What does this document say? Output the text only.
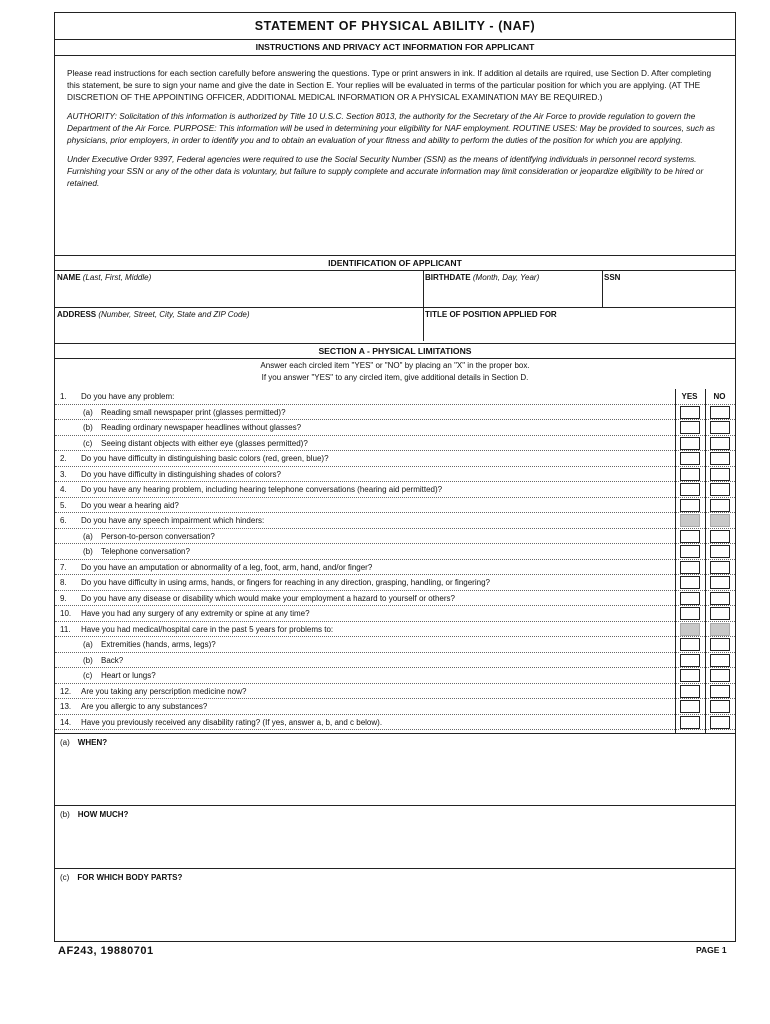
STATEMENT OF PHYSICAL ABILITY - (NAF)
INSTRUCTIONS AND PRIVACY ACT INFORMATION FOR APPLICANT

Please read instructions for each section carefully before answering the questions. Type or print answers in ink. If addition al details are rquired, use Section D. After completing this statement, be sure to sign your name and give the date in Section E. Your replies will be evaluated in terms of the particular position for which you are applying. (AT THE DISCRETION OF THE APPOINTING OFFICER, ADDITIONAL MEDICAL INFORMATION OR A PHYSICAL EXAMINATION MAY BE REQUIRED.)

AUTHORITY: Solicitation of this information is authorized by Title 10 U.S.C. Section 8013, the authority for the Secretary of the Air Force to provide regulation to govern the Department of the Air Force. PURPOSE: This information will be used in determining your eligibility for NAF employment. ROUTINE USES: May be provided to sources, such as physicians, prior employers, in order to identify you and to obtain an evaluation of your fitness and ability to perform the duties of the position for which you are applying.

Under Executive Order 9397, Federal agencies were required to use the Social Security Number (SSN) as the means of identifying individuals in personnel record systems. Furnishing your SSN or any of the other data is voluntary, but failure to supply complete and accurate information may limit consideration or jeopardize eligibility to be hired or retained.

IDENTIFICATION OF APPLICANT
NAME (Last, First, Middle)	BIRTHDATE (Month, Day, Year)	SSN
ADDRESS (Number, Street, City, State and ZIP Code)	TITLE OF POSITION APPLIED FOR
SECTION A - PHYSICAL LIMITATIONS
Answer each circled item "YES" or "NO" by placing an "X" in the proper box.
If you answer "YES" to any circled item, give additional details in Section D.
1. Do you have any problem:	YES	NO
(a) Reading small newspaper print (glasses permitted)?
(b) Reading ordinary newspaper headlines without glasses?
(c) Seeing distant objects with either eye (glasses permitted)?
2. Do you have difficulty in distinguishing basic colors (red, green, blue)?
3. Do you have difficulty in distinguishing shades of colors?
4. Do you have any hearing problem, including hearing telephone conversations (hearing aid permitted)?
5. Do you wear a hearing aid?
6. Do you have any speech impairment which hinders:
(a) Person-to-person conversation?
(b) Telephone conversation?
7. Do you have an amputation or abnormality of a leg, foot, arm, hand, and/or finger?
8. Do you have difficulty in using arms, hands, or fingers for reaching in any direction, grasping, handling, or fingering?
9. Do you have any disease or disability which would make your employment a hazard to yourself or others?
10. Have you had any surgery of any extremity or spine at any time?
11. Have you had medical/hospital care in the past 5 years for problems to:
(a) Extremities (hands, arms, legs)?
(b) Back?
(c) Heart or lungs?
12. Are you taking any perscription medicine now?
13. Are you allergic to any substances?
14. Have you previously received any disability rating? (If yes, answer a, b, and c below).
(a) WHEN?
(b) HOW MUCH?
(c) FOR WHICH BODY PARTS?
AF243, 19880701	PAGE 1
